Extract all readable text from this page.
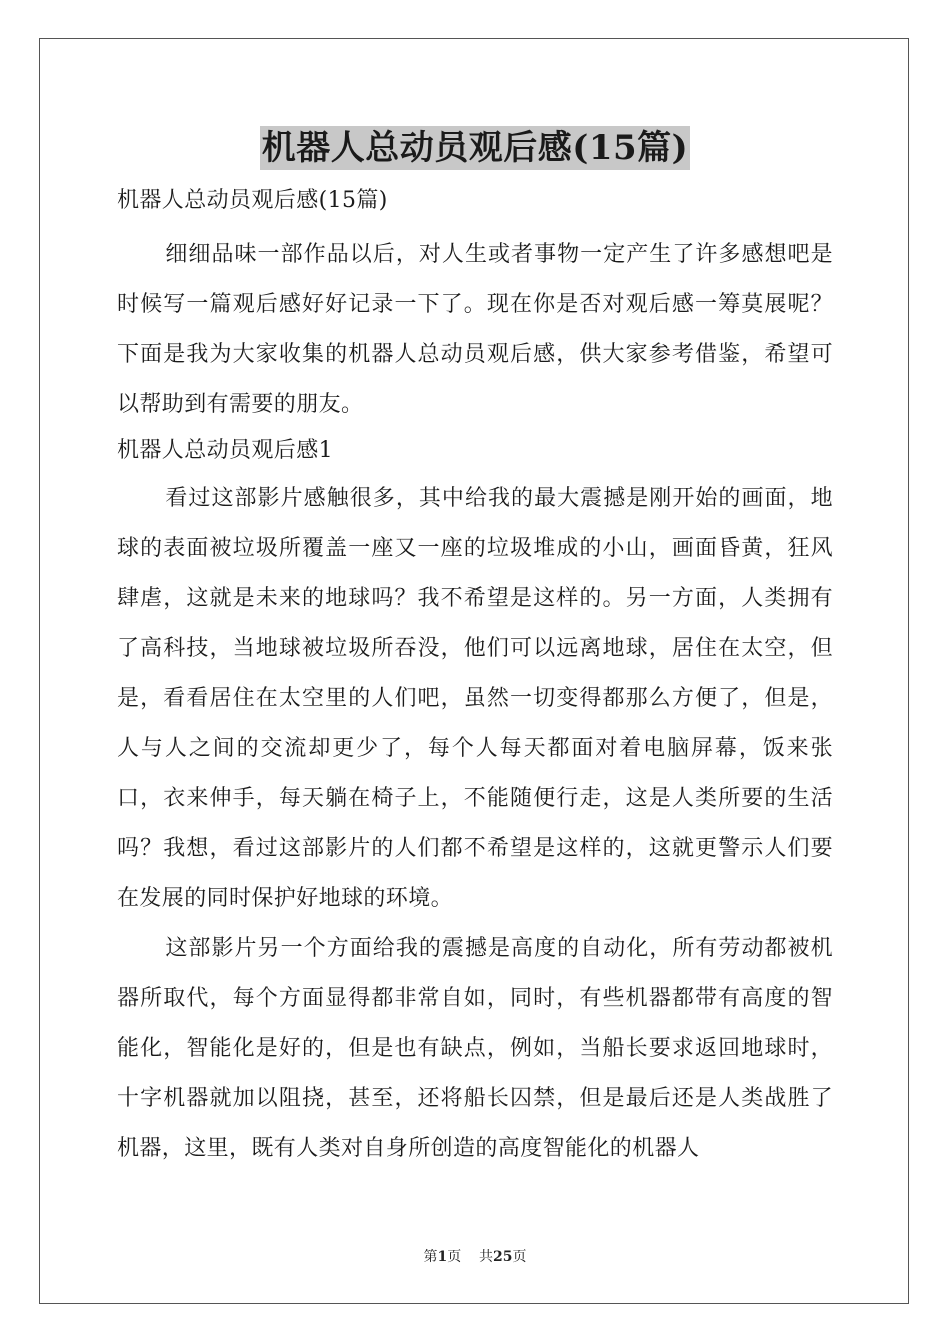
机器人总动员观后感(15篇)
机器人总动员观后感(15篇)

细细品味一部作品以后，对人生或者事物一定产生了许多感想吧是时候写一篇观后感好好记录一下了。现在你是否对观后感一筹莫展呢？下面是我为大家收集的机器人总动员观后感，供大家参考借鉴，希望可以帮助到有需要的朋友。

机器人总动员观后感1

看过这部影片感触很多，其中给我的最大震撼是刚开始的画面，地球的表面被垃圾所覆盖一座又一座的垃圾堆成的小山，画面昏黄，狂风肆虐，这就是未来的地球吗？我不希望是这样的。另一方面，人类拥有了高科技，当地球被垃圾所吞没，他们可以远离地球，居住在太空，但是，看看居住在太空里的人们吧，虽然一切变得都那么方便了，但是，人与人之间的交流却更少了，每个人每天都面对着电脑屏幕，饭来张口，衣来伸手，每天躺在椅子上，不能随便行走，这是人类所要的生活吗？我想，看过这部影片的人们都不希望是这样的，这就更警示人们要在发展的同时保护好地球的环境。

这部影片另一个方面给我的震撼是高度的自动化，所有劳动都被机器所取代，每个方面显得都非常自如，同时，有些机器都带有高度的智能化，智能化是好的，但是也有缺点，例如，当船长要求返回地球时，十字机器就加以阻挠，甚至，还将船长囚禁，但是最后还是人类战胜了机器，这里，既有人类对自身所创造的高度智能化的机器人

第1页 共25页
